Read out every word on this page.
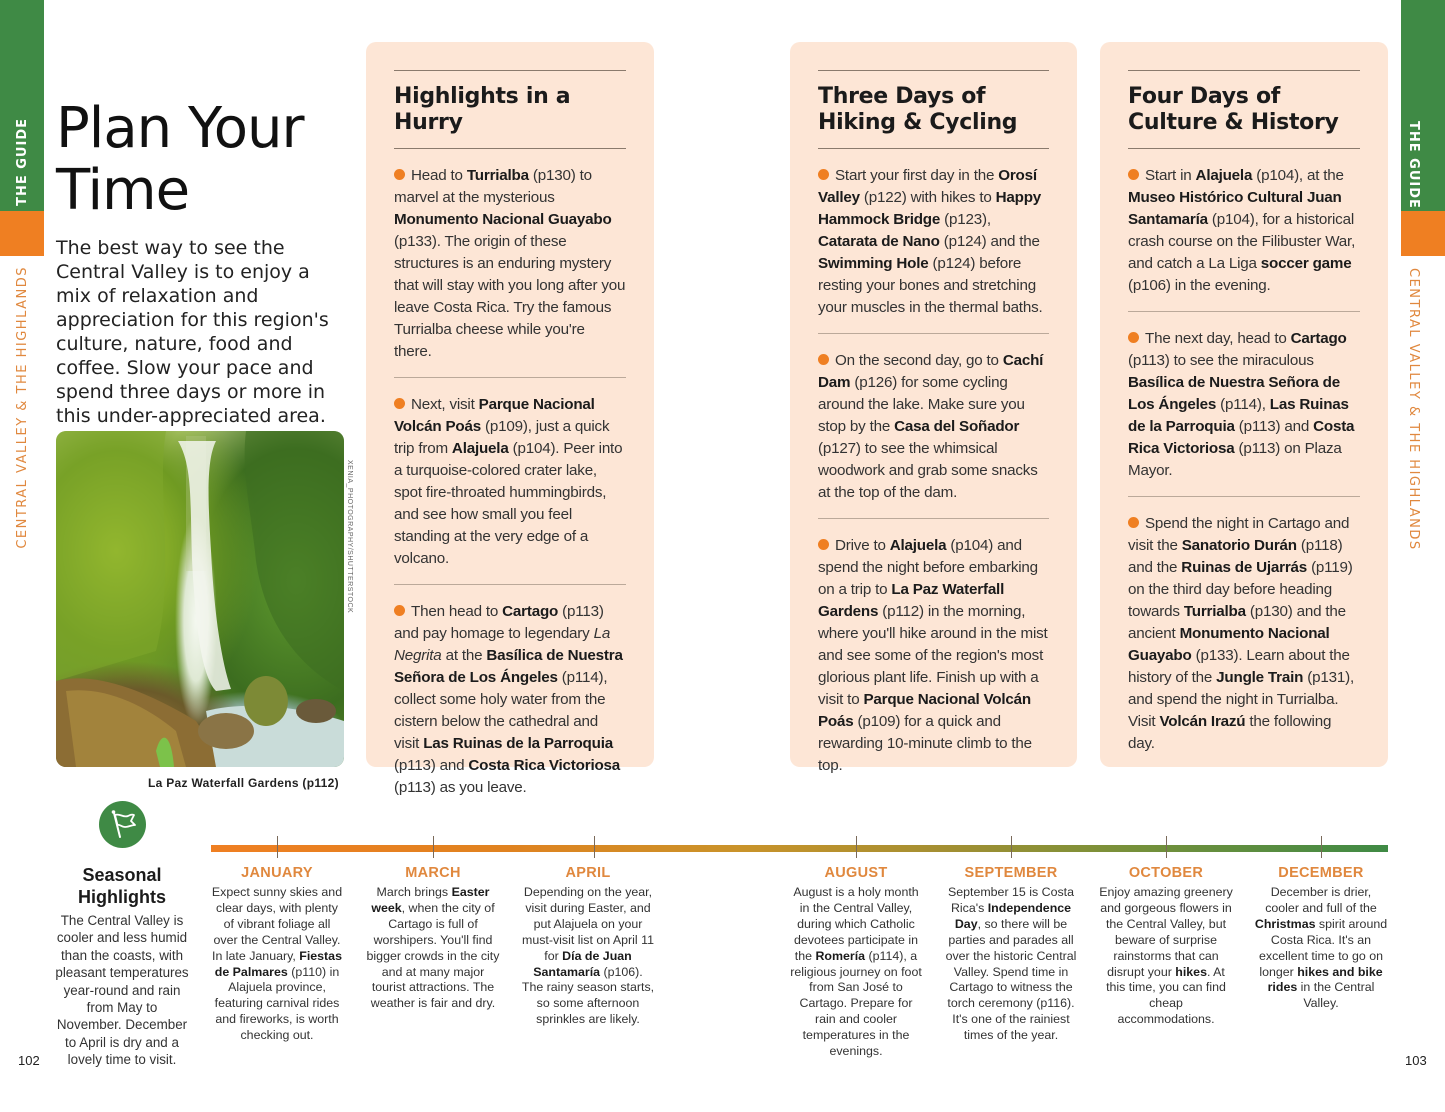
THE GUIDE
CENTRAL VALLEY & THE HIGHLANDS
THE GUIDE
CENTRAL VALLEY & THE HIGHLANDS
Plan Your
Time

The best way to see the Central Valley is to enjoy a mix of relaxation and appreciation for this region's culture, nature, food and coffee. Slow your pace and spend three days or more in this under-appreciated area.

XENIA_PHOTOGRAPHY/SHUTTERSTOCK
La Paz Waterfall Gardens (p112)
Highlights in a Hurry

Head to Turrialba (p130) to marvel at the mysterious Monumento Nacional Guayabo (p133). The origin of these structures is an enduring mystery that will stay with you long after you leave Costa Rica. Try the famous Turrialba cheese while you're there.

Next, visit Parque Nacional Volcán Poás (p109), just a quick trip from Alajuela (p104). Peer into a turquoise-colored crater lake, spot fire-throated hummingbirds, and see how small you feel standing at the very edge of a volcano.

Then head to Cartago (p113) and pay homage to legendary La Negrita at the Basílica de Nuestra Señora de Los Ángeles (p114), collect some holy water from the cistern below the cathedral and visit Las Ruinas de la Parroquia (p113) and Costa Rica Victoriosa (p113) as you leave.

Three Days of Hiking & Cycling

Start your first day in the Orosí Valley (p122) with hikes to Happy Hammock Bridge (p123), Catarata de Nano (p124) and the Swimming Hole (p124) before resting your bones and stretching your muscles in the thermal baths.

On the second day, go to Cachí Dam (p126) for some cycling around the lake. Make sure you stop by the Casa del Soñador (p127) to see the whimsical woodwork and grab some snacks at the top of the dam.

Drive to Alajuela (p104) and spend the night before embarking on a trip to La Paz Waterfall Gardens (p112) in the morning, where you'll hike around in the mist and see some of the region's most glorious plant life. Finish up with a visit to Parque Nacional Volcán Poás (p109) for a quick and rewarding 10-minute climb to the top.

Four Days of Culture & History

Start in Alajuela (p104), at the Museo Histórico Cultural Juan Santamaría (p104), for a historical crash course on the Filibuster War, and catch a La Liga soccer game (p106) in the evening.

The next day, head to Cartago (p113) to see the miraculous Basílica de Nuestra Señora de Los Ángeles (p114), Las Ruinas de la Parroquia (p113) and Costa Rica Victoriosa (p113) on Plaza Mayor.

Spend the night in Cartago and visit the Sanatorio Durán (p118) and the Ruinas de Ujarrás (p119) on the third day before heading towards Turrialba (p130) and the ancient Monumento Nacional Guayabo (p133). Learn about the history of the Jungle Train (p131), and spend the night in Turrialba. Visit Volcán Irazú the following day.

Seasonal Highlights

The Central Valley is cooler and less humid than the coasts, with pleasant temperatures year-round and rain from May to November. December to April is dry and a lovely time to visit.

JANUARY
Expect sunny skies and clear days, with plenty of vibrant foliage all over the Central Valley. In late January, Fiestas de Palmares (p110) in Alajuela province, featuring carnival rides and fireworks, is worth checking out.
MARCH
March brings Easter week, when the city of Cartago is full of worshipers. You'll find bigger crowds in the city and at many major tourist attractions. The weather is fair and dry.
APRIL
Depending on the year, visit during Easter, and put Alajuela on your must-visit list on April 11 for Día de Juan Santamaría (p106). The rainy season starts, so some afternoon sprinkles are likely.
AUGUST
August is a holy month in the Central Valley, during which Catholic devotees participate in the Romería (p114), a religious journey on foot from San José to Cartago. Prepare for rain and cooler temperatures in the evenings.
SEPTEMBER
September 15 is Costa Rica's Independence Day, so there will be parties and parades all over the historic Central Valley. Spend time in Cartago to witness the torch ceremony (p116). It's one of the rainiest times of the year.
OCTOBER
Enjoy amazing greenery and gorgeous flowers in the Central Valley, but beware of surprise rainstorms that can disrupt your hikes. At this time, you can find cheap accommodations.
DECEMBER
December is drier, cooler and full of the Christmas spirit around Costa Rica. It's an excellent time to go on longer hikes and bike rides in the Central Valley.
102	103
